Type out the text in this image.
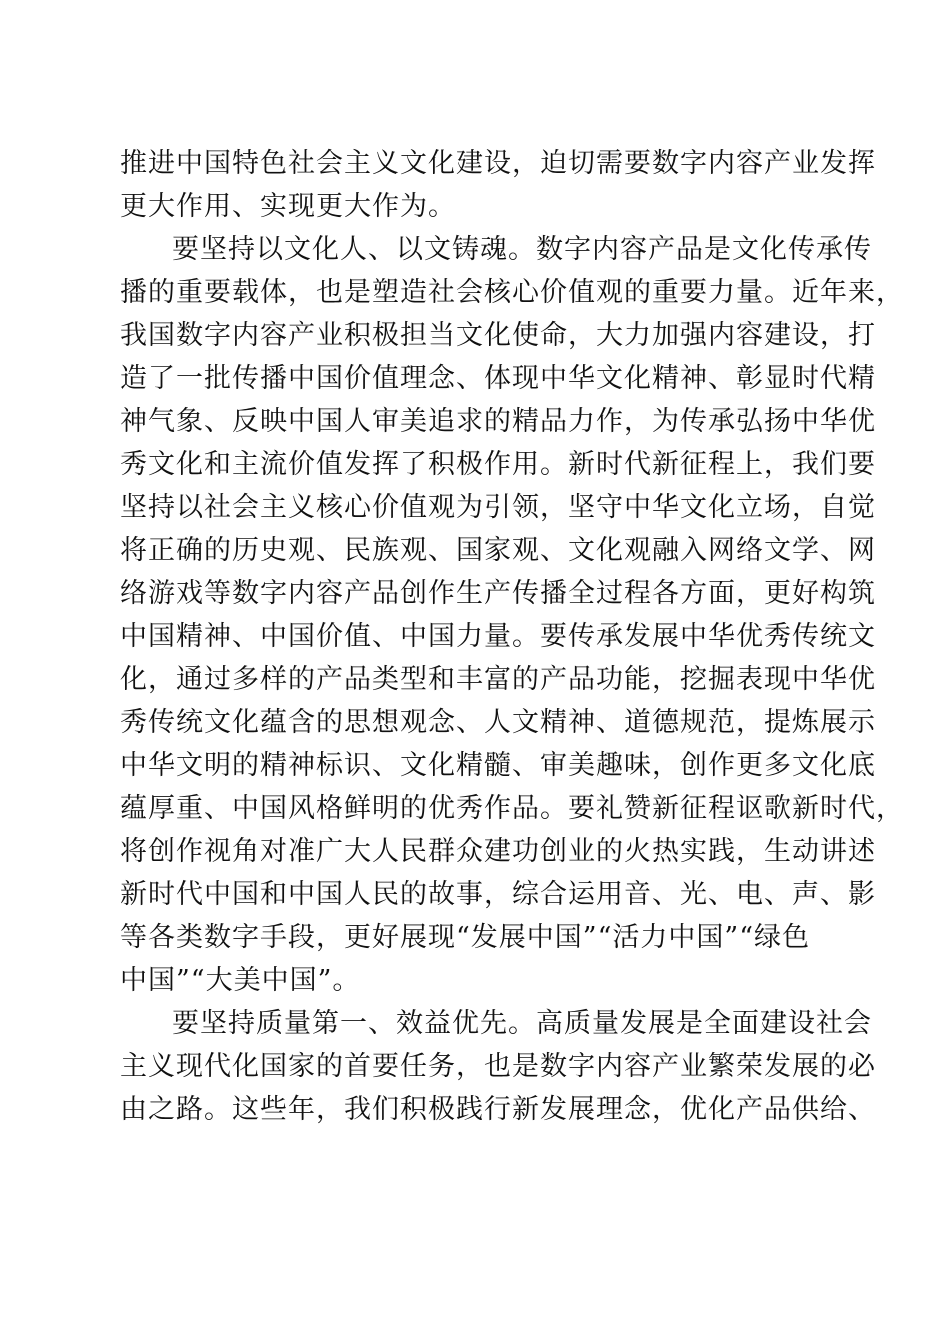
推进中国特色社会主义文化建设，迫切需要数字内容产业发挥
更大作用、实现更大作为。
要坚持以文化人、以文铸魂。数字内容产品是文化传承传
播的重要载体，也是塑造社会核心价值观的重要力量。近年来，
我国数字内容产业积极担当文化使命，大力加强内容建设，打
造了一批传播中国价值理念、体现中华文化精神、彰显时代精
神气象、反映中国人审美追求的精品力作，为传承弘扬中华优
秀文化和主流价值发挥了积极作用。新时代新征程上，我们要
坚持以社会主义核心价值观为引领，坚守中华文化立场，自觉
将正确的历史观、民族观、国家观、文化观融入网络文学、网
络游戏等数字内容产品创作生产传播全过程各方面，更好构筑
中国精神、中国价值、中国力量。要传承发展中华优秀传统文
化，通过多样的产品类型和丰富的产品功能，挖掘表现中华优
秀传统文化蕴含的思想观念、人文精神、道德规范，提炼展示
中华文明的精神标识、文化精髓、审美趣味，创作更多文化底
蕴厚重、中国风格鲜明的优秀作品。要礼赞新征程讴歌新时代，
将创作视角对准广大人民群众建功创业的火热实践，生动讲述
新时代中国和中国人民的故事，综合运用音、光、电、声、影
等各类数字手段，更好展现“发展中国”“活力中国”“绿色
中国”“大美中国”。
要坚持质量第一、效益优先。高质量发展是全面建设社会
主义现代化国家的首要任务，也是数字内容产业繁荣发展的必
由之路。这些年，我们积极践行新发展理念，优化产品供给、
